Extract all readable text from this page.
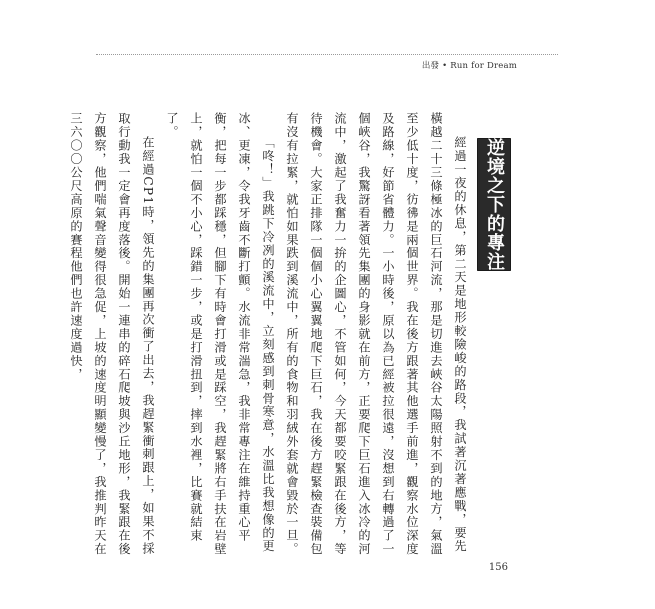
出發 • Run for Dream
逆境之下的專注

經過一夜的休息，第二天是地形較險峻的路段，我試著沉著應戰，要先橫越二十三條極冰的巨石河流，那是切進去峽谷太陽照射不到的地方，氣溫至少低十度，彷彿是兩個世界。我在後方跟著其他選手前進，觀察水位深度及路線，好節省體力。一小時後，原以為已經被拉很遠，沒想到右轉過了一個峽谷，我驚訝看著領先集團的身影就在前方，正要爬下巨石進入冰冷的河流中，激起了我奮力一拚的企圖心，不管如何，今天都要咬緊跟在後方，等待機會。大家正排隊一個個小心翼翼地爬下巨石，我在後方趕緊檢查裝備包有沒有拉緊，就怕如果跌到溪流中，所有的食物和羽絨外套就會毀於一旦。

「咚！」我跳下冷冽的溪流中，立刻感到刺骨寒意，水溫比我想像的更冰、更凍，令我牙齒不斷打顫。水流非常湍急，我非常專注在維持重心平衡，把每一步都踩穩，但腳下有時會打滑或是踩空，我趕緊將右手扶在岩壁上，就怕一個不小心，踩錯一步，或是打滑扭到，摔到水裡，比賽就結束了。

在經過CP1時，領先的集團再次衝了出去，我趕緊衝刺跟上，如果不採取行動我一定會再度落後。開始一連串的碎石爬坡與沙丘地形，我緊跟在後方觀察，他們喘氣聲音變得很急促，上坡的速度明顯變慢了，我推判昨天在三六〇〇公尺高原的賽程他們也許速度過快，

156
